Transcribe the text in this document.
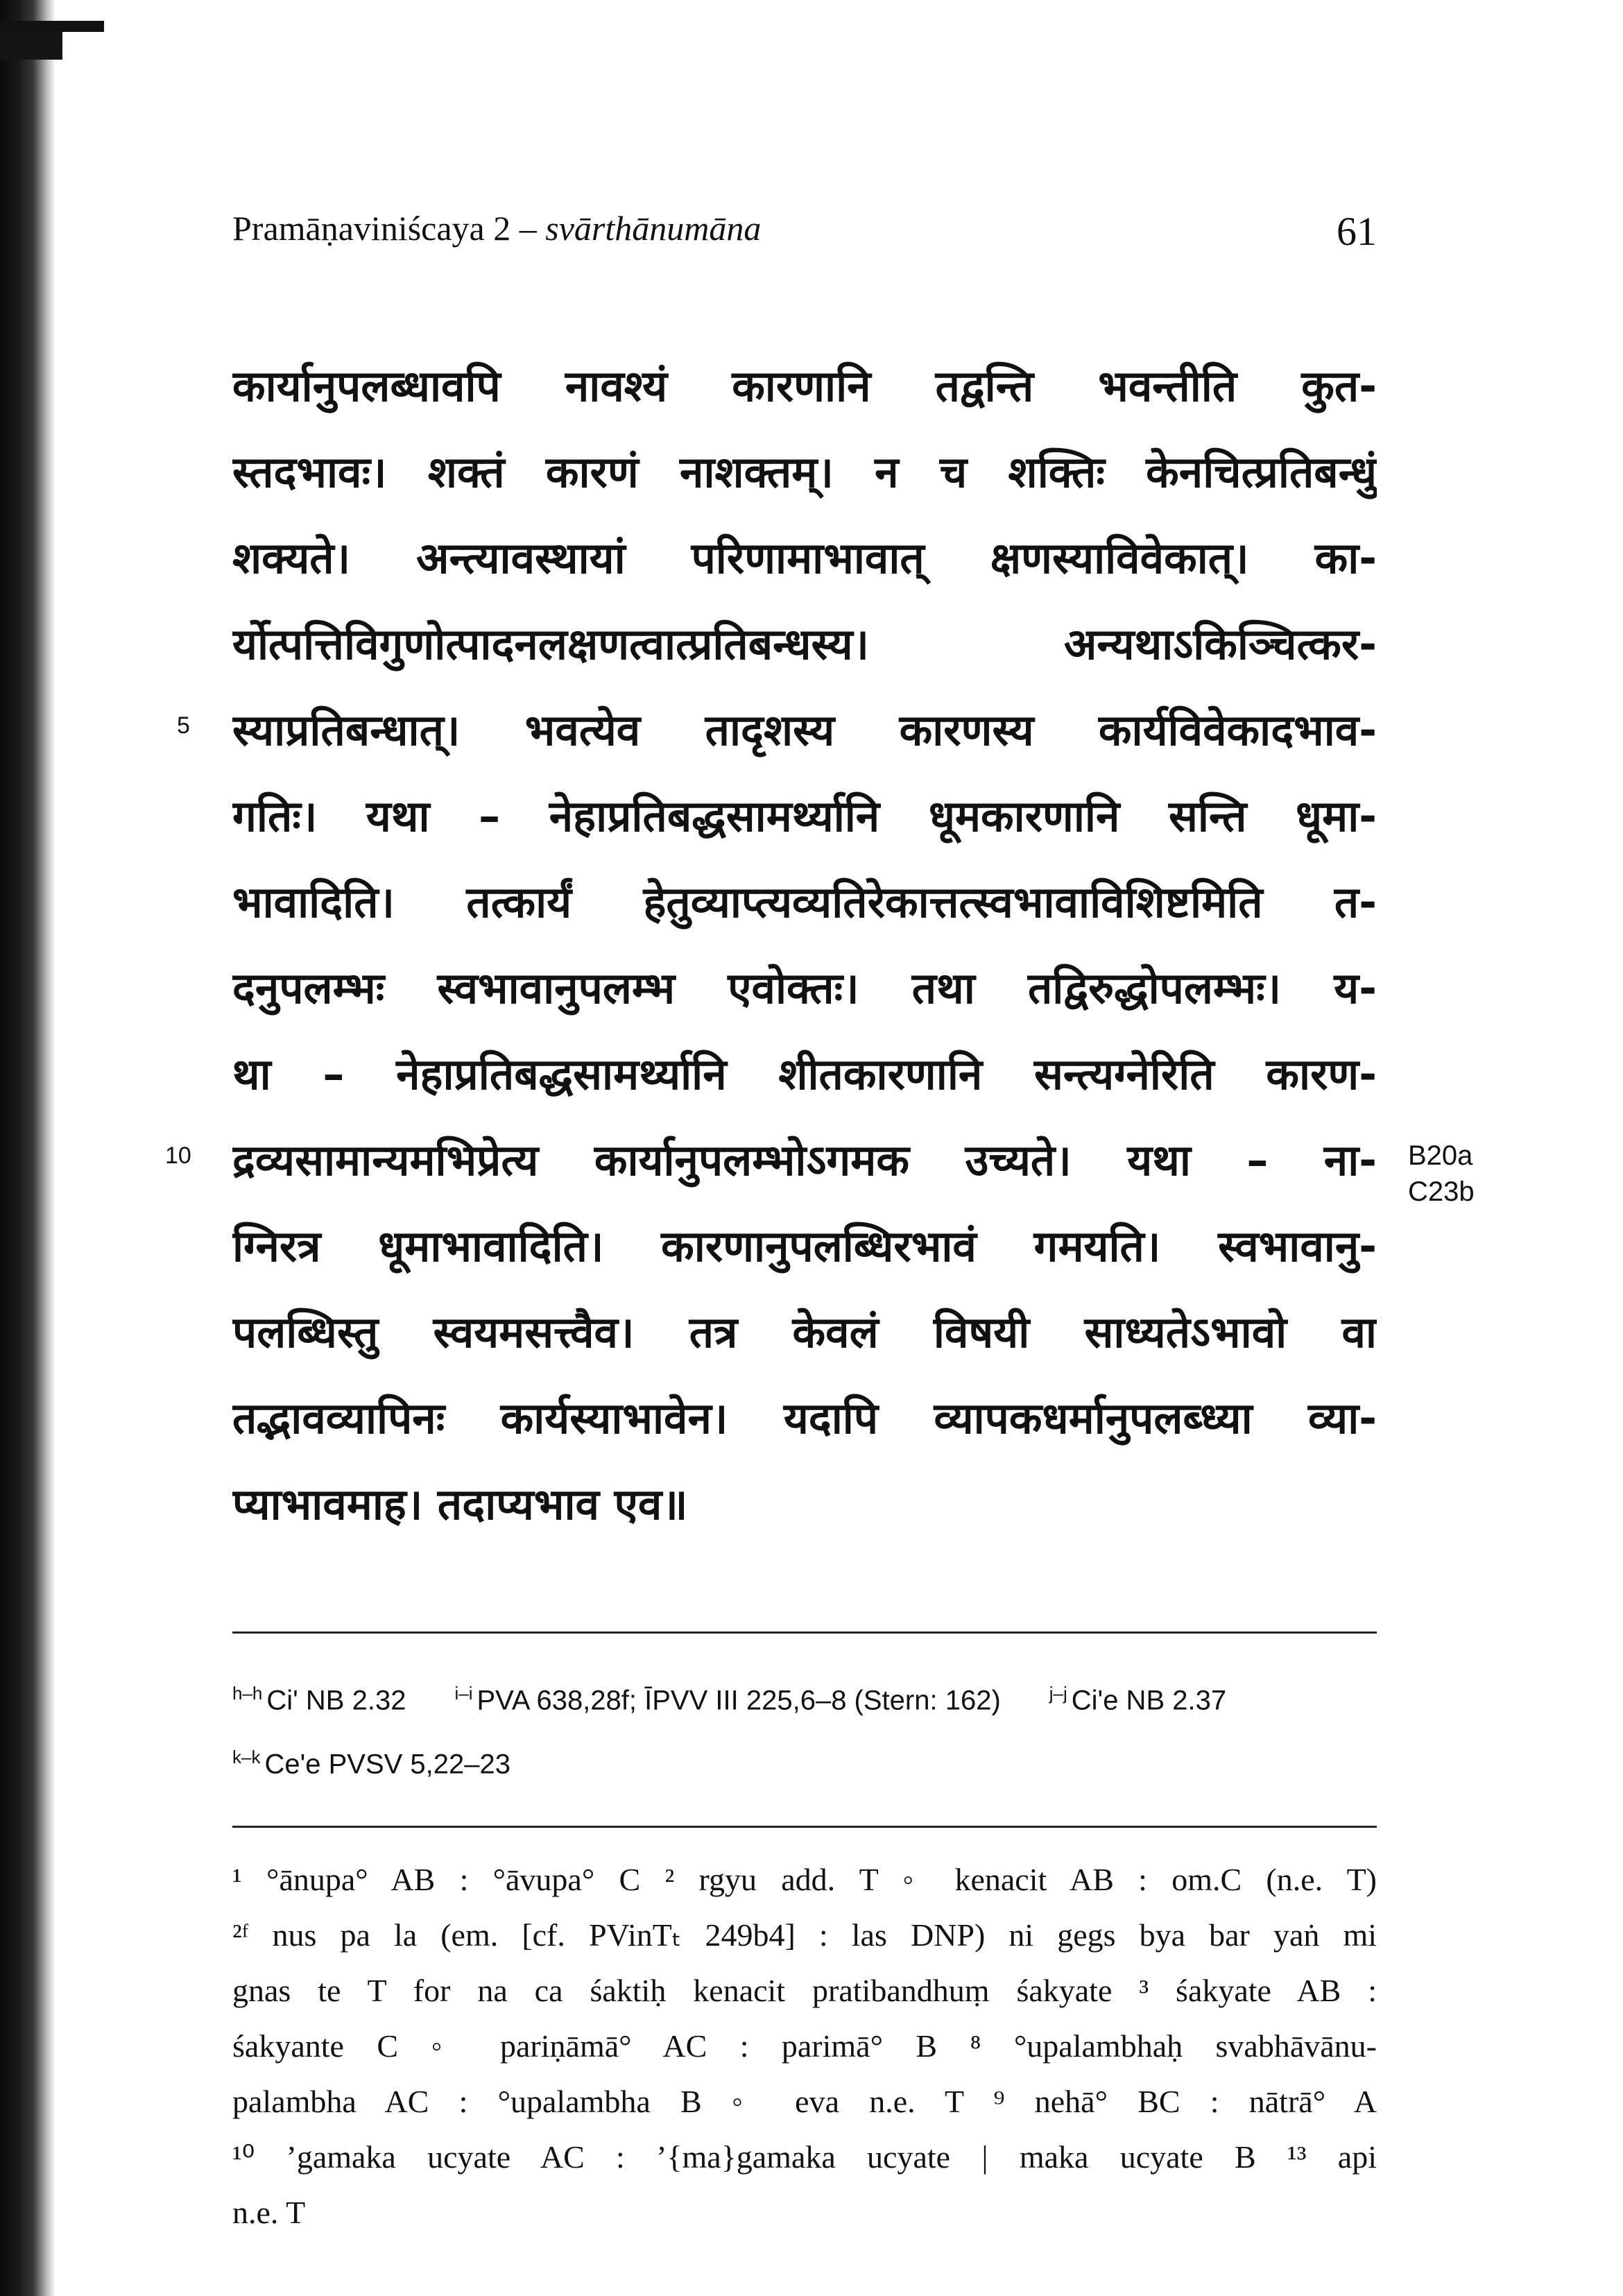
Pramāṇaviniścaya 2 – svārthānumāna	61
कार्यानुपलब्धावपि नावश्यं कारणानि तद्वन्ति भवन्तीति कुत-
स्तदभावः। शक्तं कारणं नाशक्तम्। न च शक्तिः केनचित्प्रतिबन्धुं
शक्यते। अन्त्यावस्थायां परिणामाभावात् क्षणस्याविवेकात्। का-
र्योत्पत्तिविगुणोत्पादनलक्षणत्वात्प्रतिबन्धस्य। अन्यथाऽकिञ्चित्कर-
स्याप्रतिबन्धात्। भवत्येव तादृशस्य कारणस्य कार्यविवेकादभाव-
गतिः। यथा – नेहाप्रतिबद्धसामर्थ्यानि धूमकारणानि सन्ति धूमा-
भावादिति। तत्कार्यं हेतुव्याप्त्यव्यतिरेकात्तत्स्वभावाविशिष्टमिति त-
दनुपलम्भः स्वभावानुपलम्भ एवोक्तः। तथा तद्विरुद्धोपलम्भः। य-
था – नेहाप्रतिबद्धसामर्थ्यानि शीतकारणानि सन्त्यग्नेरिति कारण-
द्रव्यसामान्यमभिप्रेत्य कार्यानुपलम्भोऽगमक उच्यते। यथा – ना-
ग्निरत्र धूमाभावादिति। कारणानुपलब्धिरभावं गमयति। स्वभावानु-
पलब्धिस्तु स्वयमसत्त्वैव। तत्र केवलं विषयी साध्यतेऽभावो वा
तद्भावव्यापिनः कार्यस्याभावेन। यदापि व्यापकधर्मानुपलब्ध्या व्या-
प्याभावमाह। तदाप्यभाव एव॥
5
10	B20a
C23b
$^{h-h}$ Ci' NB 2.32	$^{i-i}$ PVA 638,28f; ĪPVV III 225,6–8 (Stern: 162)	$^{j-j}$ Ci'e NB 2.37
$^{k-k}$ Ce'e PVSV 5,22–23
¹ °ānupa° AB : °āvupa° C ² rgyu add. T ◦ kenacit AB : om.C (n.e. T)
²ᶠ nus pa la (em. [cf. PVinTₜ 249b4] : las DNP) ni gegs bya bar yaṅ mi
gnas te T for na ca śaktiḥ kenacit pratibandhuṃ śakyate ³ śakyate AB :
śakyante C ◦ pariṇāmā° AC : parimā° B ⁸ °upalambhaḥ svabhāvānu-
palambha AC : °upalambha B ◦ eva n.e. T ⁹ nehā° BC : nātrā° A
¹⁰ ’gamaka ucyate AC : ’{ma}gamaka ucyate | maka ucyate B ¹³ api
n.e. T
